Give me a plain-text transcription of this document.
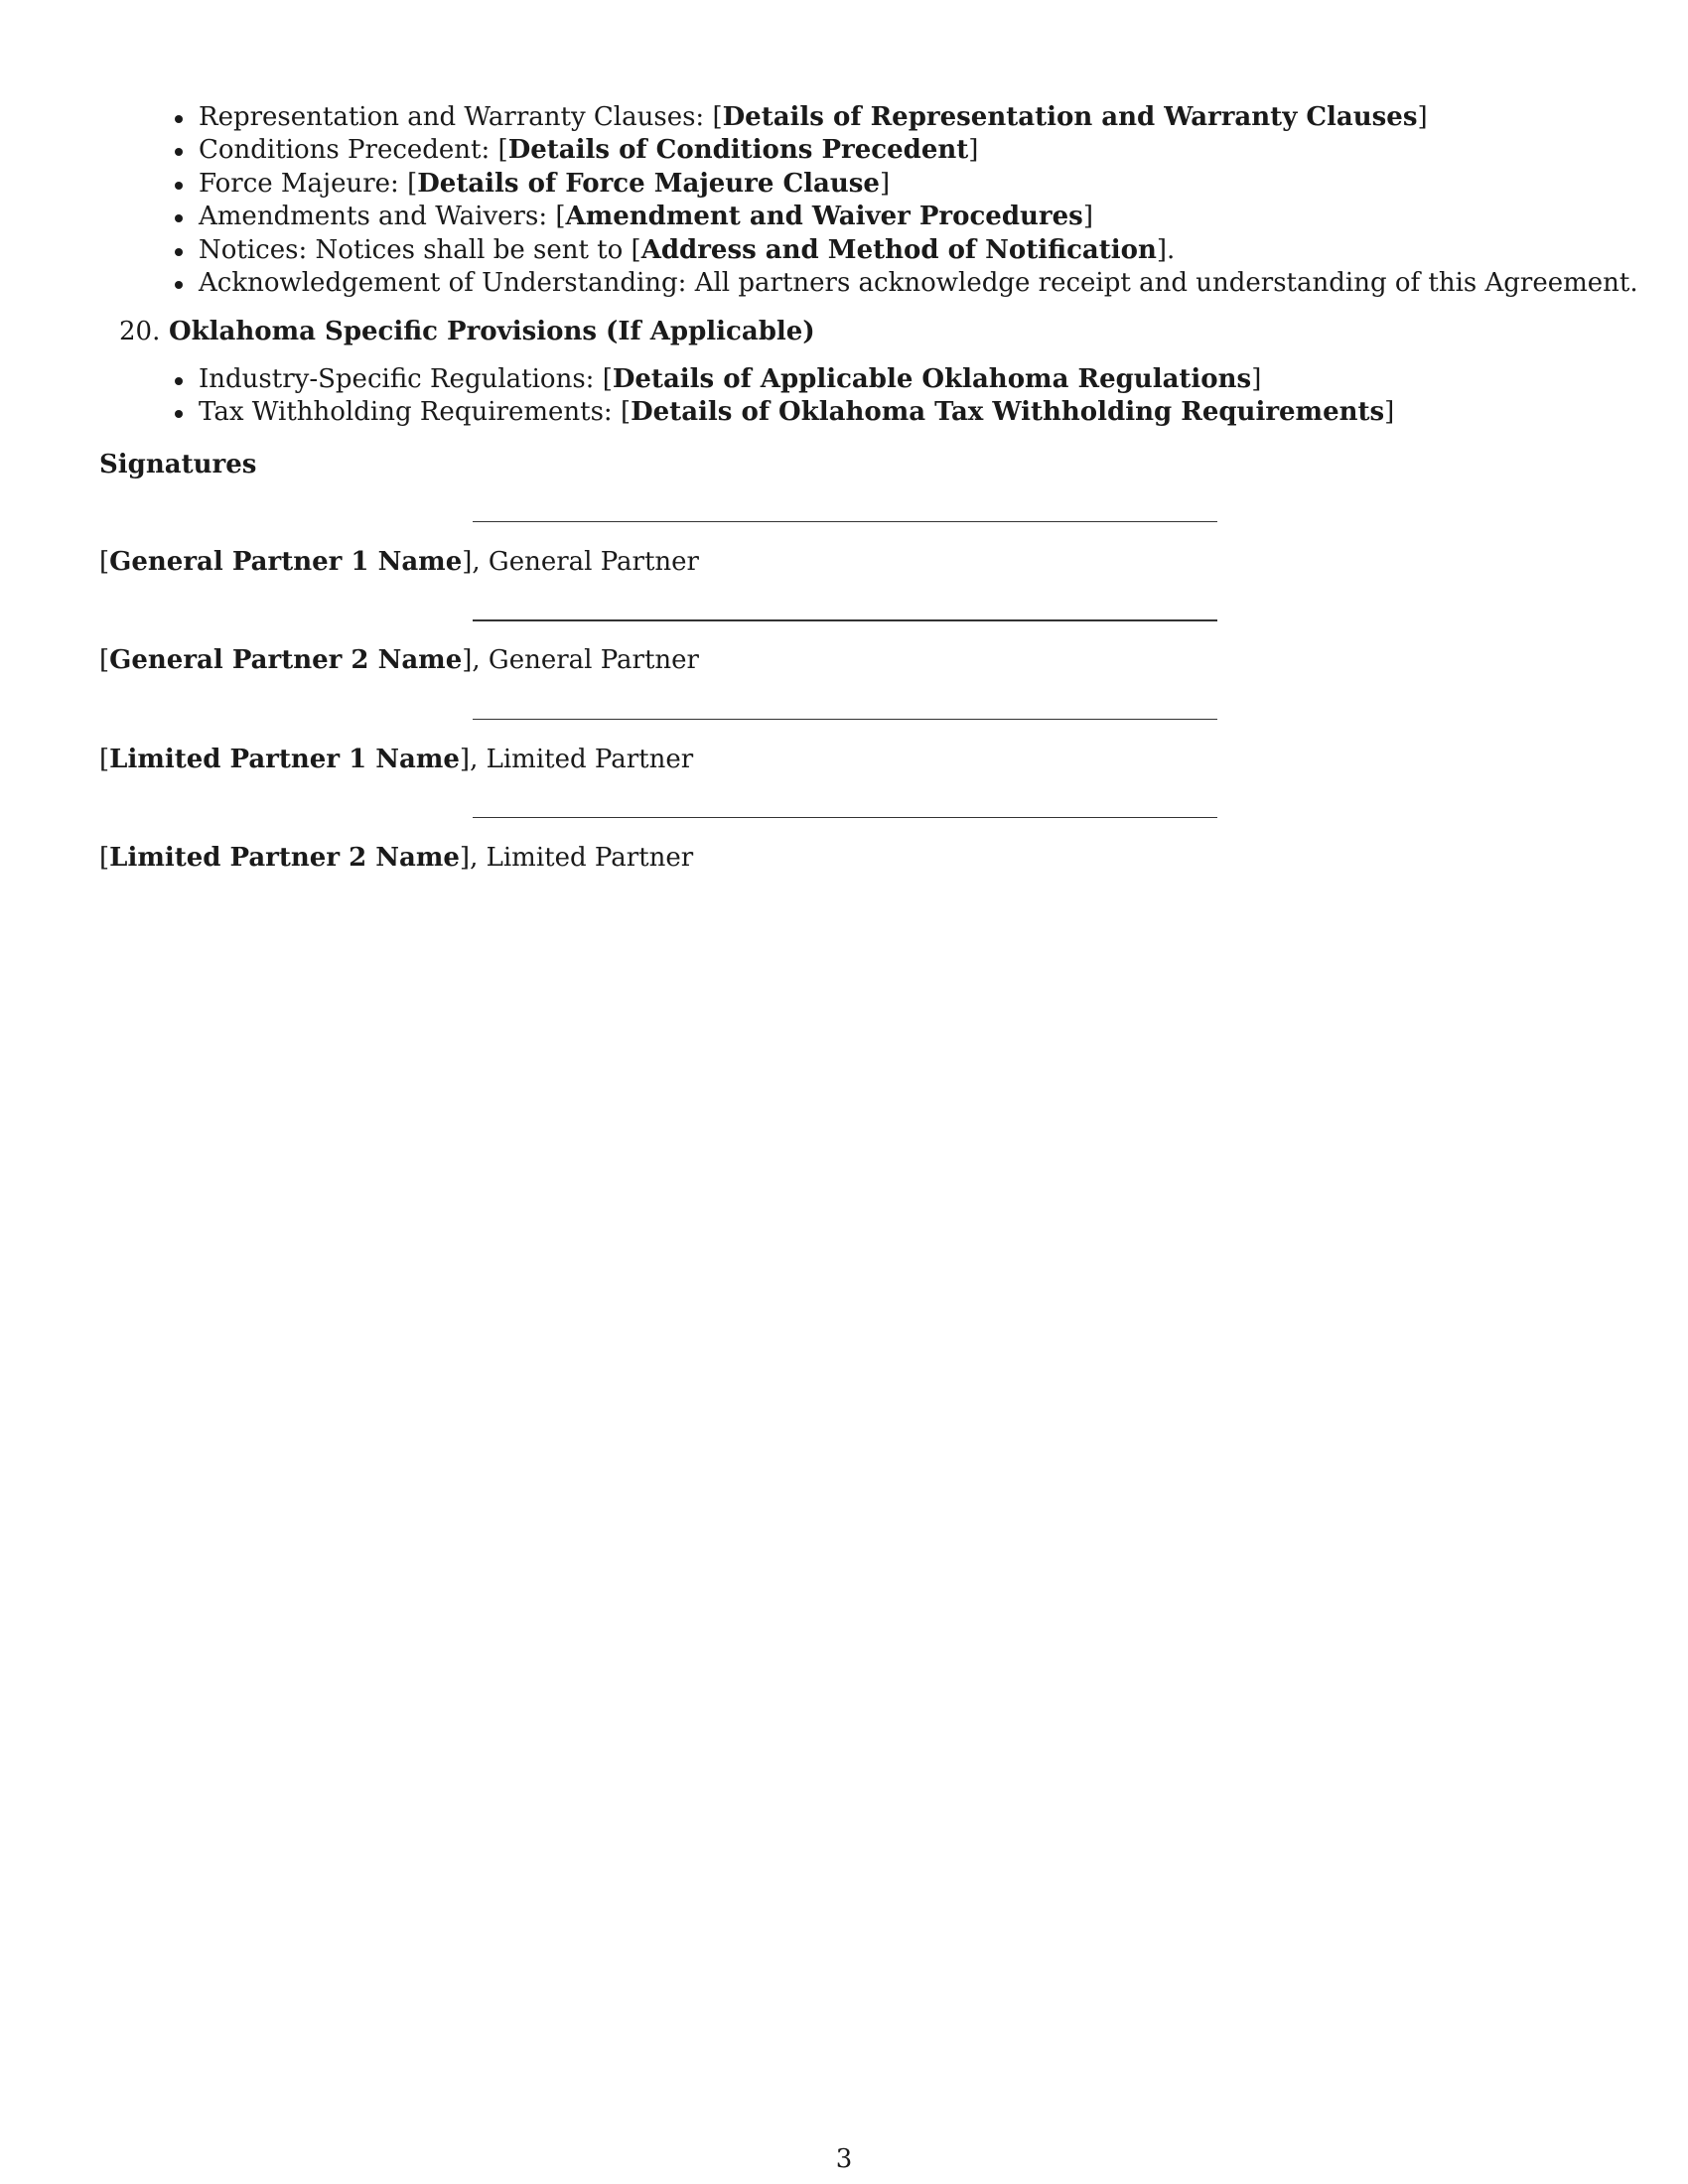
Representation and Warranty Clauses: [Details of Representation and Warranty Clauses]
Conditions Precedent: [Details of Conditions Precedent]
Force Majeure: [Details of Force Majeure Clause]
Amendments and Waivers: [Amendment and Waiver Procedures]
Notices: Notices shall be sent to [Address and Method of Notification].
Acknowledgement of Understanding: All partners acknowledge receipt and understanding of this Agreement.
20. Oklahoma Specific Provisions (If Applicable)
Industry-Specific Regulations: [Details of Applicable Oklahoma Regulations]
Tax Withholding Requirements: [Details of Oklahoma Tax Withholding Requirements]
Signatures
[General Partner 1 Name], General Partner
[General Partner 2 Name], General Partner
[Limited Partner 1 Name], Limited Partner
[Limited Partner 2 Name], Limited Partner
3
